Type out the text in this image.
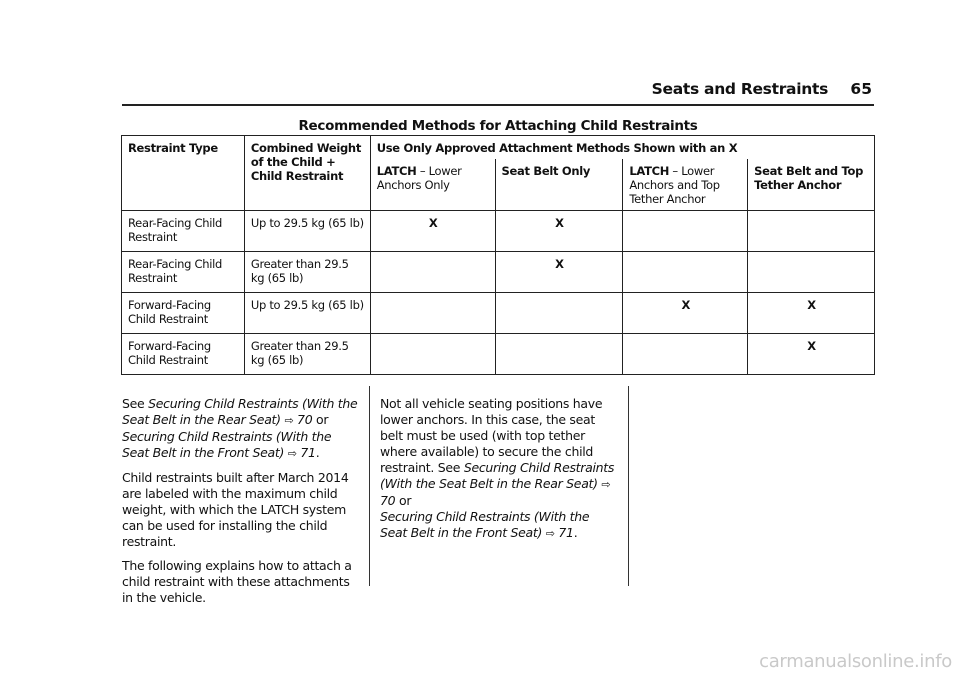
Seats and Restraints 65
Recommended Methods for Attaching Child Restraints
Restraint Type	Combined Weight of the Child + Child Restraint	Use Only Approved Attachment Methods Shown with an X			
		LATCH – Lower Anchors Only	Seat Belt Only	LATCH – Lower Anchors and Top Tether Anchor	Seat Belt and Top Tether Anchor
Rear-Facing Child Restraint	Up to 29.5 kg (65 lb)	X	X		
Rear-Facing Child Restraint	Greater than 29.5 kg (65 lb)		X		
Forward-Facing Child Restraint	Up to 29.5 kg (65 lb)			X	X
Forward-Facing Child Restraint	Greater than 29.5 kg (65 lb)				X

See Securing Child Restraints (With the Seat Belt in the Rear Seat) ⇨ 70 or
Securing Child Restraints (With the Seat Belt in the Front Seat) ⇨ 71.

Child restraints built after March 2014 are labeled with the maximum child weight, with which the LATCH system can be used for installing the child restraint.

The following explains how to attach a child restraint with these attachments in the vehicle.

Not all vehicle seating positions have lower anchors. In this case, the seat belt must be used (with top tether where available) to secure the child restraint. See Securing Child Restraints (With the Seat Belt in the Rear Seat) ⇨ 70 or
Securing Child Restraints (With the Seat Belt in the Front Seat) ⇨ 71.

carmanualsonline.info
